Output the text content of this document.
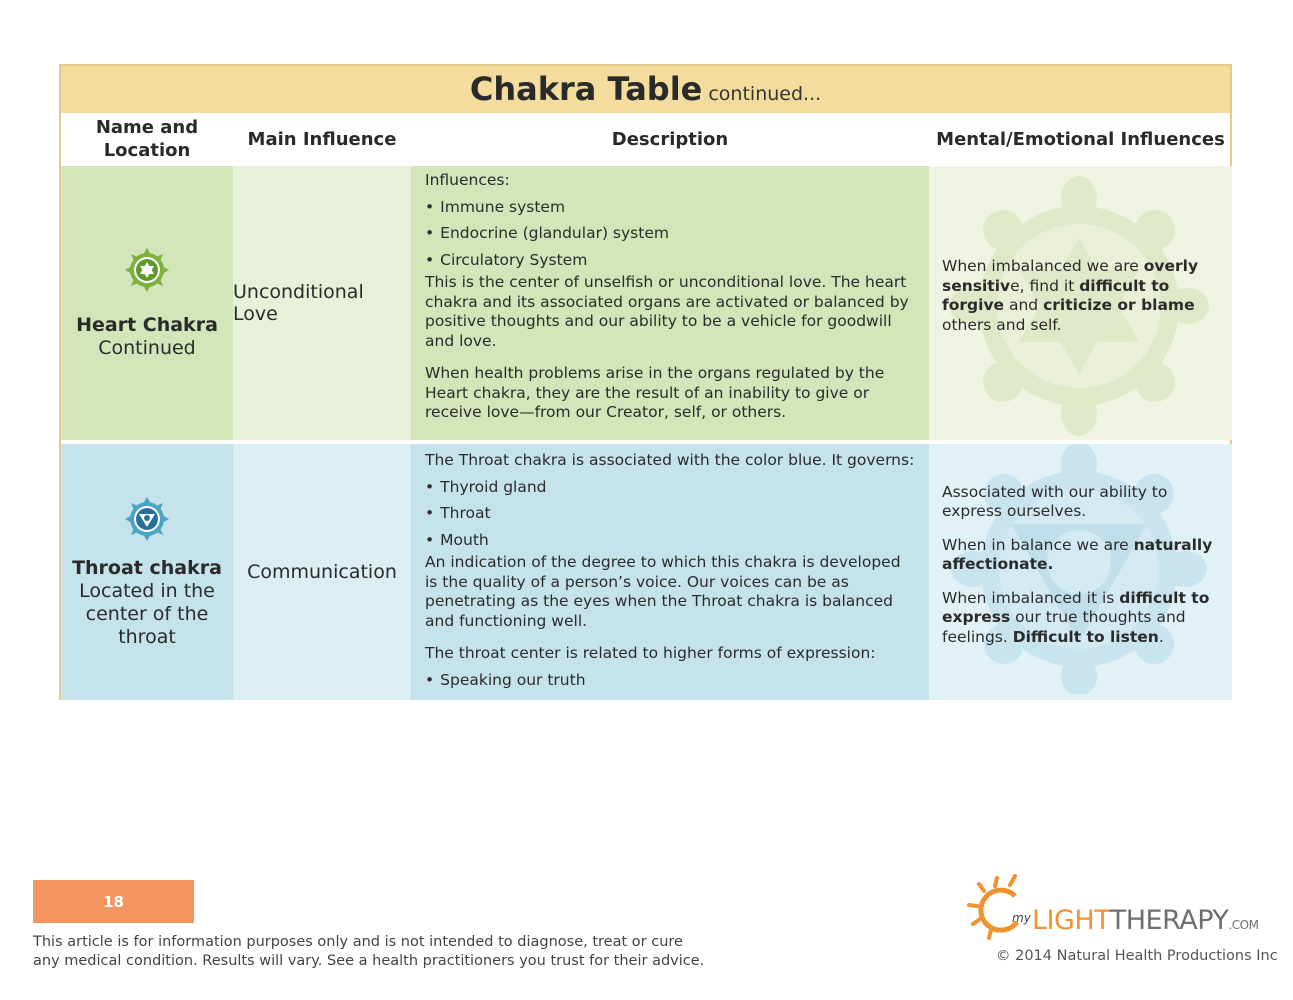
Chakra Table continued...
Name and Location
Main Influence	Description	Mental/Emotional Influences
Heart Chakra
Continued
Unconditional Love

Influences:

• Immune system

• Endocrine (glandular) system

• Circulatory System

This is the center of unselfish or unconditional love. The heart chakra and its associated organs are activated or balanced by positive thoughts and our ability to be a vehicle for goodwill and love.

When health problems arise in the organs regulated by the Heart chakra, they are the result of an inability to give or receive love—from our Creator, self, or others.

When imbalanced we are overly sensitive, find it difficult to forgive and criticize or blame others and self.

Throat chakra
Located in the center of the throat
Communication

The Throat chakra is associated with the color blue. It governs:

• Thyroid gland

• Throat

• Mouth

An indication of the degree to which this chakra is developed is the quality of a person’s voice. Our voices can be as penetrating as the eyes when the Throat chakra is balanced and functioning well.

The throat center is related to higher forms of expression:

• Speaking our truth

Associated with our ability to express ourselves.

When in balance we are naturally affectionate.

When imbalanced it is difficult to express our true thoughts and feelings. Difficult to listen.

18
This article is for information purposes only and is not intended to diagnose, treat or cure any medical condition. Results will vary. See a health practitioners you trust for their advice.
my LIGHTTHERAPY.COM
© 2014 Natural Health Productions Inc
